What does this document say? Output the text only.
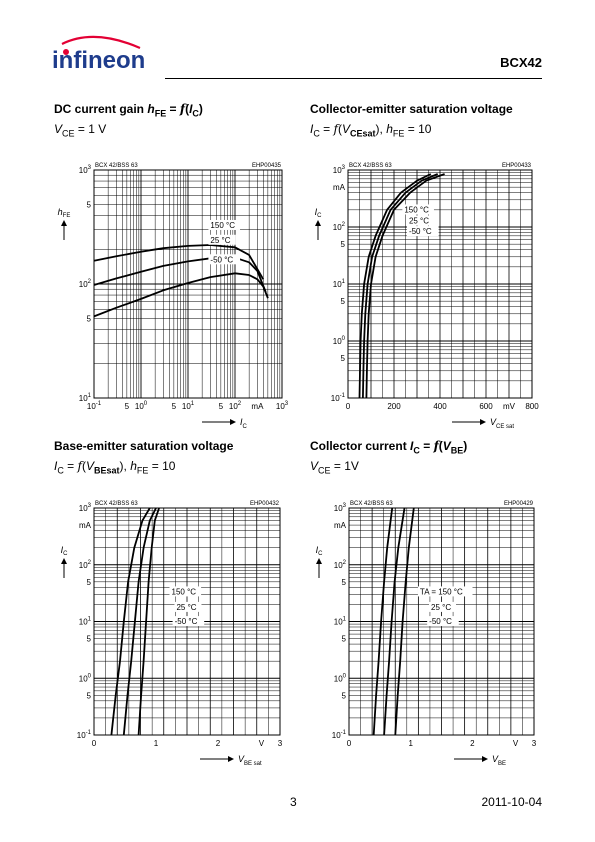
infineon	BCX42
DC current gain $h_{FE} = f(I_C)$
$V_{CE} = 1$ V
Collector-emitter saturation voltage
$I_C = f(V_{CEsat})$, $h_{FE} = 10$
Base-emitter saturation voltage
$I_C = f(V_{BEsat})$, $h_{FE} = 10$
Collector current $I_C = f(V_{BE})$
$V_{CE} = 1V$
BCX 42/BSS 63	EHP00435
$h_{FE}$
$I_C$
150 °C
25 °C
-50 °C
$10^3$
5
$10^2$
5
$10^1$
$10^{-1}$	5 $10^0$	5 $10^1$	5 $10^2$ mA $10^3$
BCX 42/BSS 63	EHP00433
$I_C$
$V_{CE sat}$
150 °C
25 °C
-50 °C
$10^3$
mA
$10^2$
5
$10^1$
5
$10^0$
5
$10^{-1}$
0	200	400	600 mV 800
BCX 42/BSS 63	EHP00432
$I_C$
$V_{BE sat}$
150 °C
25 °C
-50 °C
$10^3$
mA
$10^2$
5
$10^1$
5
$10^0$
5
$10^{-1}$
0	1	2	V 3
BCX 42/BSS 63	EHP00429
$I_C$
$V_{BE}$
TA = 150 °C
25 °C
-50 °C
$10^3$
mA
$10^2$
5
$10^1$
5
$10^0$
5
$10^{-1}$
0	1	2	V 3
3	2011-10-04
